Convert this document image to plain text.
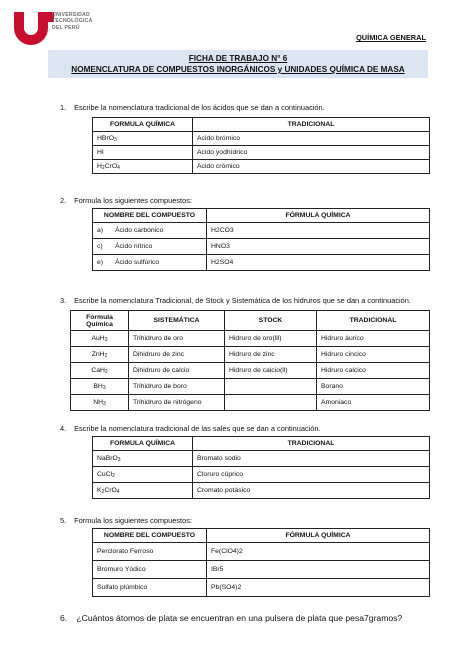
UNIVERSIDAD
TECNOLÓGICA
DEL PERÚ
QUÍMICA GENERAL
FICHA DE TRABAJO N° 6
NOMENCLATURA DE COMPUESTOS INORGÁNICOS y UNIDADES QUÍMICA DE MASA
1. Escribe la nomenclatura tradicional de los ácidos que se dan a continuación.
FORMULA QUÍMICA	TRADICIONAL
HBrO$_3$	Acido brómico
HI	Acido yodhídrico
$H_2CrO_4$	Acido crómico
2. Formula los siguientes compuestos:
NOMBRE DEL COMPUESTO	FÓRMULA QUÍMICA
a) Ácido carbónico	H2CO3
c) Ácido nítrico	HNO3
e) Ácido sulfúrico	H2SO4
3. Escribe la nomenclatura Tradicional, de Stock y Sistemática de los hidruros que se dan a continuación.
Fórmula Química	SISTEMÁTICA	STOCK	TRADICIONAL
AuH$_3$	Trihidruro de oro	Hidruro de oro(lll)	Hidruro áurico
ZnH$_2$	Dihidruro de zinc	Hidruro de zinc	Hidruro cincico
CaH$_2$	Dihidruro de calcio	Hidruro de calcio(ll)	Hidruro calcico
$BH_3$	Trihidruro de boro		Borano
$NH_3$	Trihidruro de nitrógeno		Amoniaco
4. Escribe la nomenclatura tradicional de las sales que se dan a continuación.
FORMULA QUÍMICA	TRADICIONAL
NaBrO$_3$	Bromato sodio
CuCl$_2$	Cloruro cúprico
$K_2CrO_4$	Cromato potásico
5. Formula los siguientes compuestos:
NOMBRE DEL COMPUESTO	FÓRMULA QUÍMICA
Perclorato Ferroso	Fe(ClO4)2
Bromuro Yódico	IBr5
Sulfato plúmbico	Pb(SO4)2
6. ¿Cuántos átomos de plata se encuentran en una pulsera de plata que pesa7gramos?
